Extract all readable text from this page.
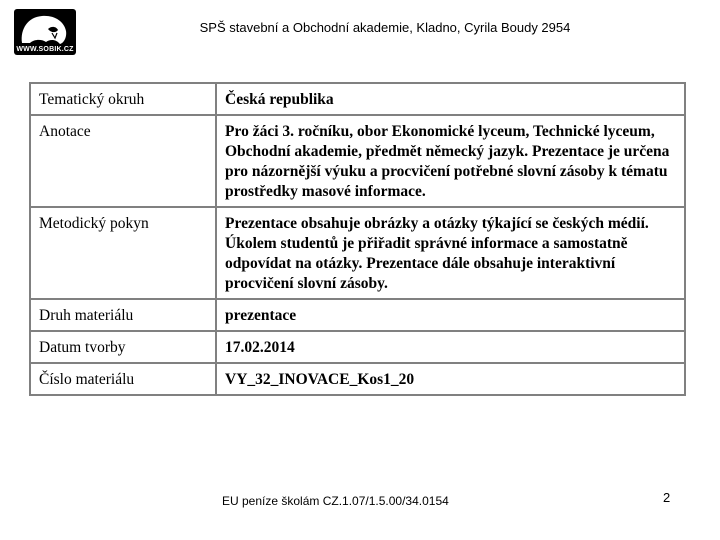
WWW.SOBIK.CZ
SPŠ stavební a Obchodní akademie, Kladno, Cyrila Boudy 2954
Tematický okruh	Česká republika
Anotace	Pro žáci 3. ročníku, obor Ekonomické lyceum, Technické lyceum, Obchodní akademie, předmět německý jazyk. Prezentace je určena pro názornější výuku a procvičení potřebné slovní zásoby k tématu prostředky masové informace.
Metodický pokyn	Prezentace obsahuje obrázky a otázky týkající se českých médií. Úkolem studentů je přiřadit správné informace a samostatně odpovídat na otázky. Prezentace dále obsahuje interaktivní procvičení slovní zásoby.
Druh materiálu	prezentace
Datum tvorby	17.02.2014
Číslo materiálu	VY_32_INOVACE_Kos1_20
EU peníze školám CZ.1.07/1.5.00/34.0154	2
